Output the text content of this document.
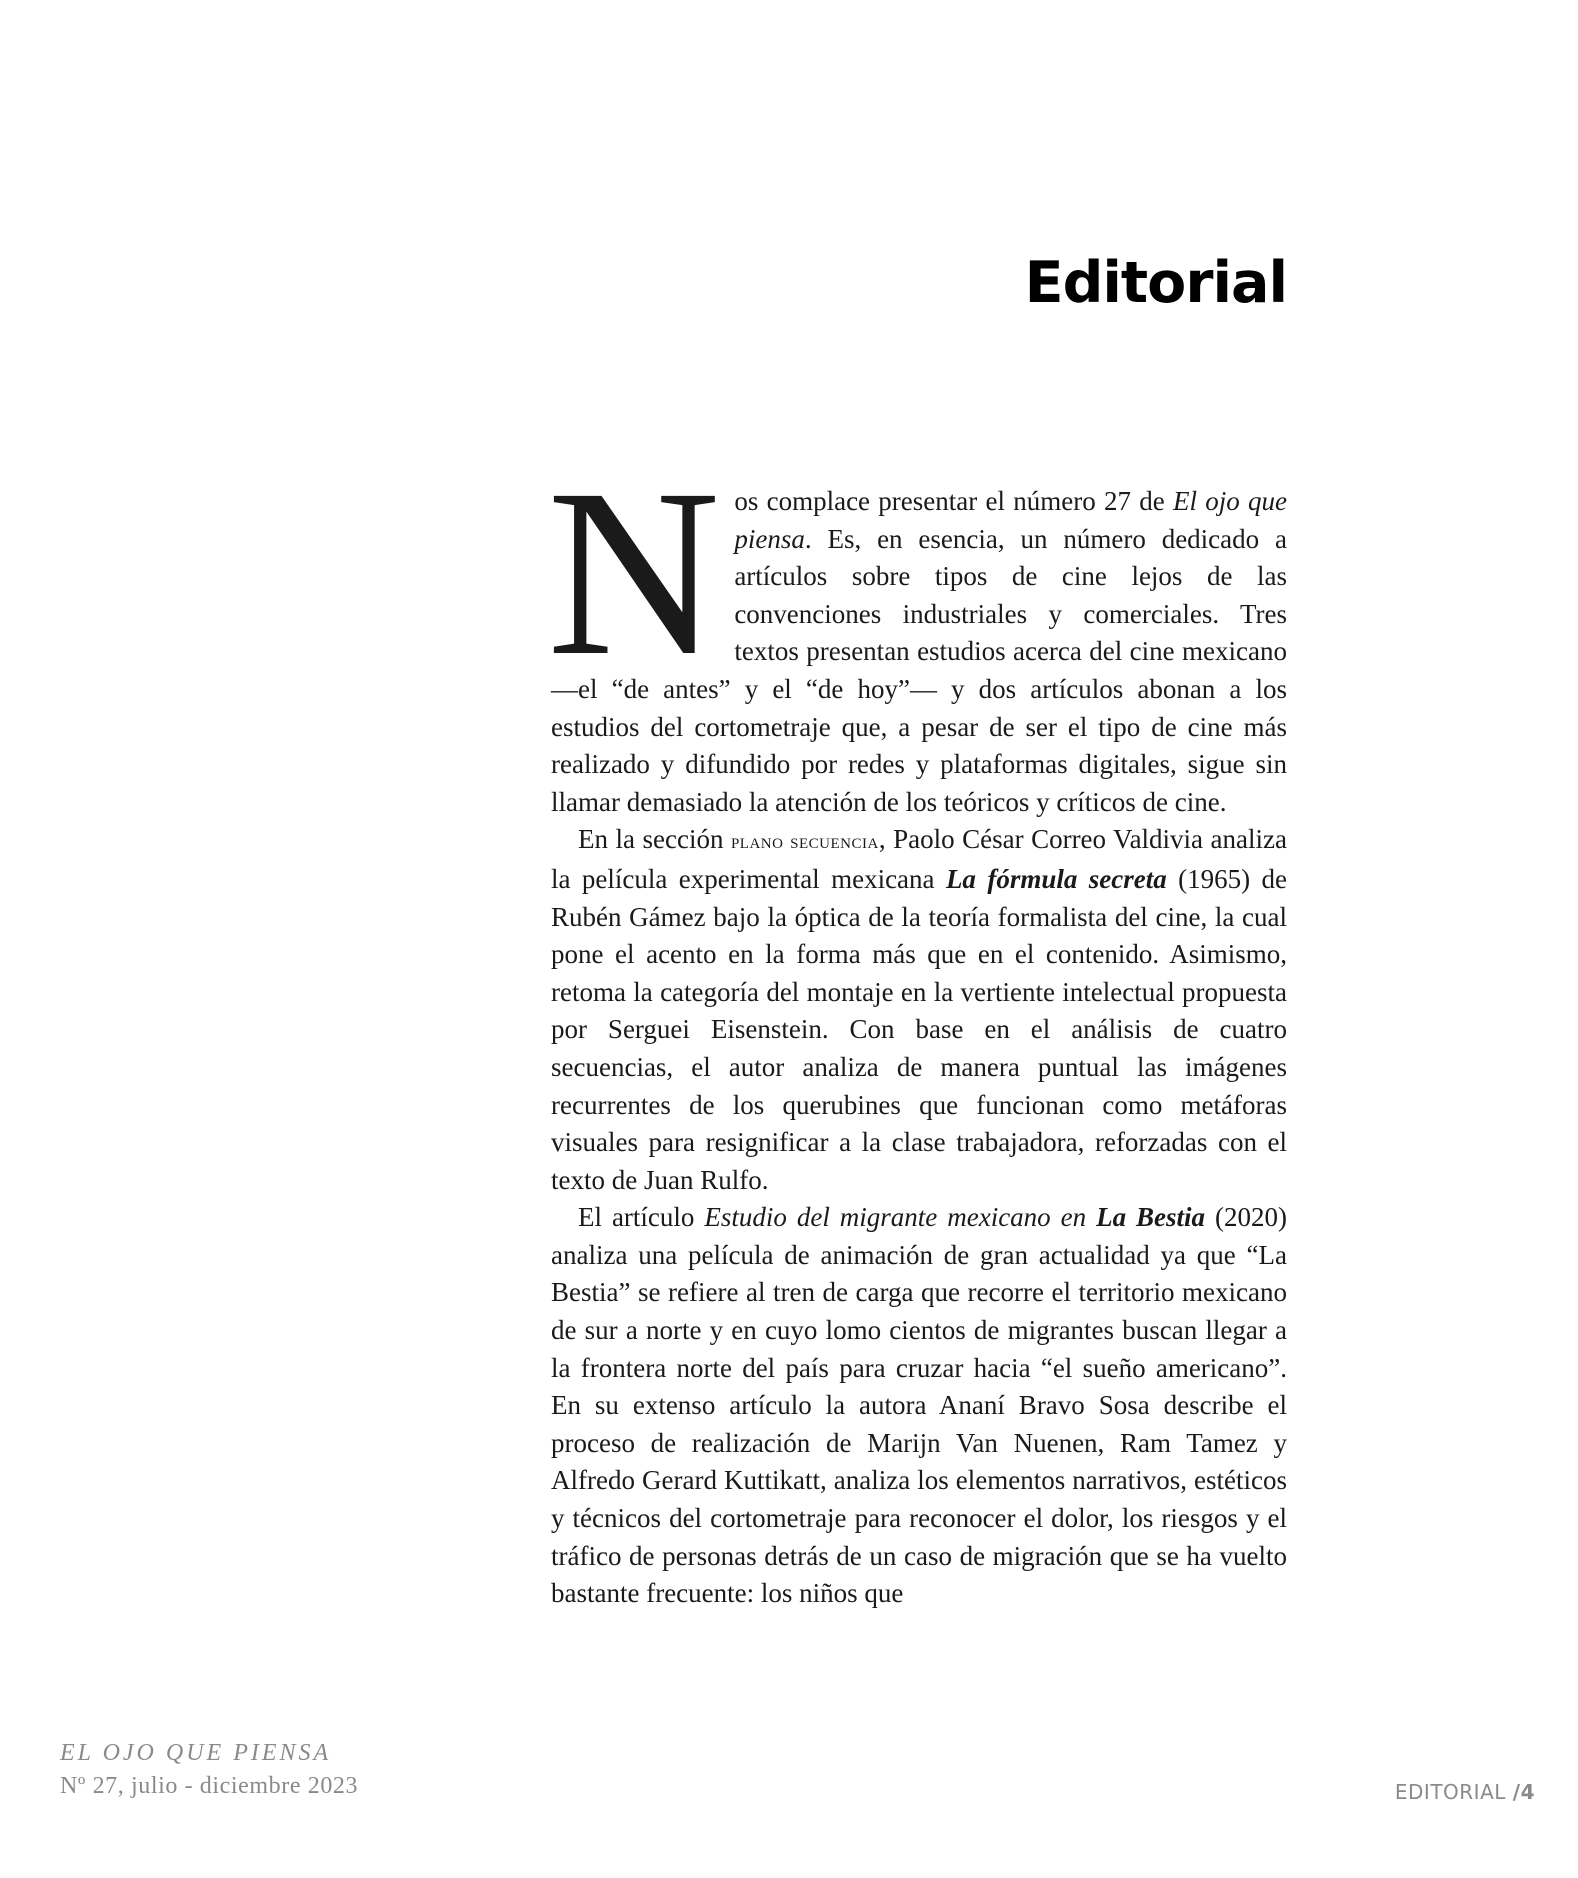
Editorial

Nos complace presentar el número 27 de El ojo que piensa. Es, en esencia, un número dedicado a artículos sobre tipos de cine lejos de las convenciones industriales y comerciales. Tres textos presentan estudios acerca del cine mexicano —el “de antes” y el “de hoy”— y dos artículos abonan a los estudios del cortometraje que, a pesar de ser el tipo de cine más realizado y difundido por redes y plataformas digitales, sigue sin llamar demasiado la atención de los teóricos y críticos de cine.

En la sección plano secuencia, Paolo César Correo Valdivia analiza la película experimental mexicana La fórmula secreta (1965) de Rubén Gámez bajo la óptica de la teoría formalista del cine, la cual pone el acento en la forma más que en el contenido. Asimismo, retoma la categoría del montaje en la vertiente intelectual propuesta por Serguei Eisenstein. Con base en el análisis de cuatro secuencias, el autor analiza de manera puntual las imágenes recurrentes de los querubines que funcionan como metáforas visuales para resignificar a la clase trabajadora, reforzadas con el texto de Juan Rulfo.

El artículo Estudio del migrante mexicano en La Bestia (2020) analiza una película de animación de gran actualidad ya que “La Bestia” se refiere al tren de carga que recorre el territorio mexicano de sur a norte y en cuyo lomo cientos de migrantes buscan llegar a la frontera norte del país para cruzar hacia “el sueño americano”. En su extenso artículo la autora Ananí Bravo Sosa describe el proceso de realización de Marijn Van Nuenen, Ram Tamez y Alfredo Gerard Kuttikatt, analiza los elementos narrativos, estéticos y técnicos del cortometraje para reconocer el dolor, los riesgos y el tráfico de personas detrás de un caso de migración que se ha vuelto bastante frecuente: los niños que

EL OJO QUE PIENSA
Nº 27, julio - diciembre 2023	EDITORIAL /4
